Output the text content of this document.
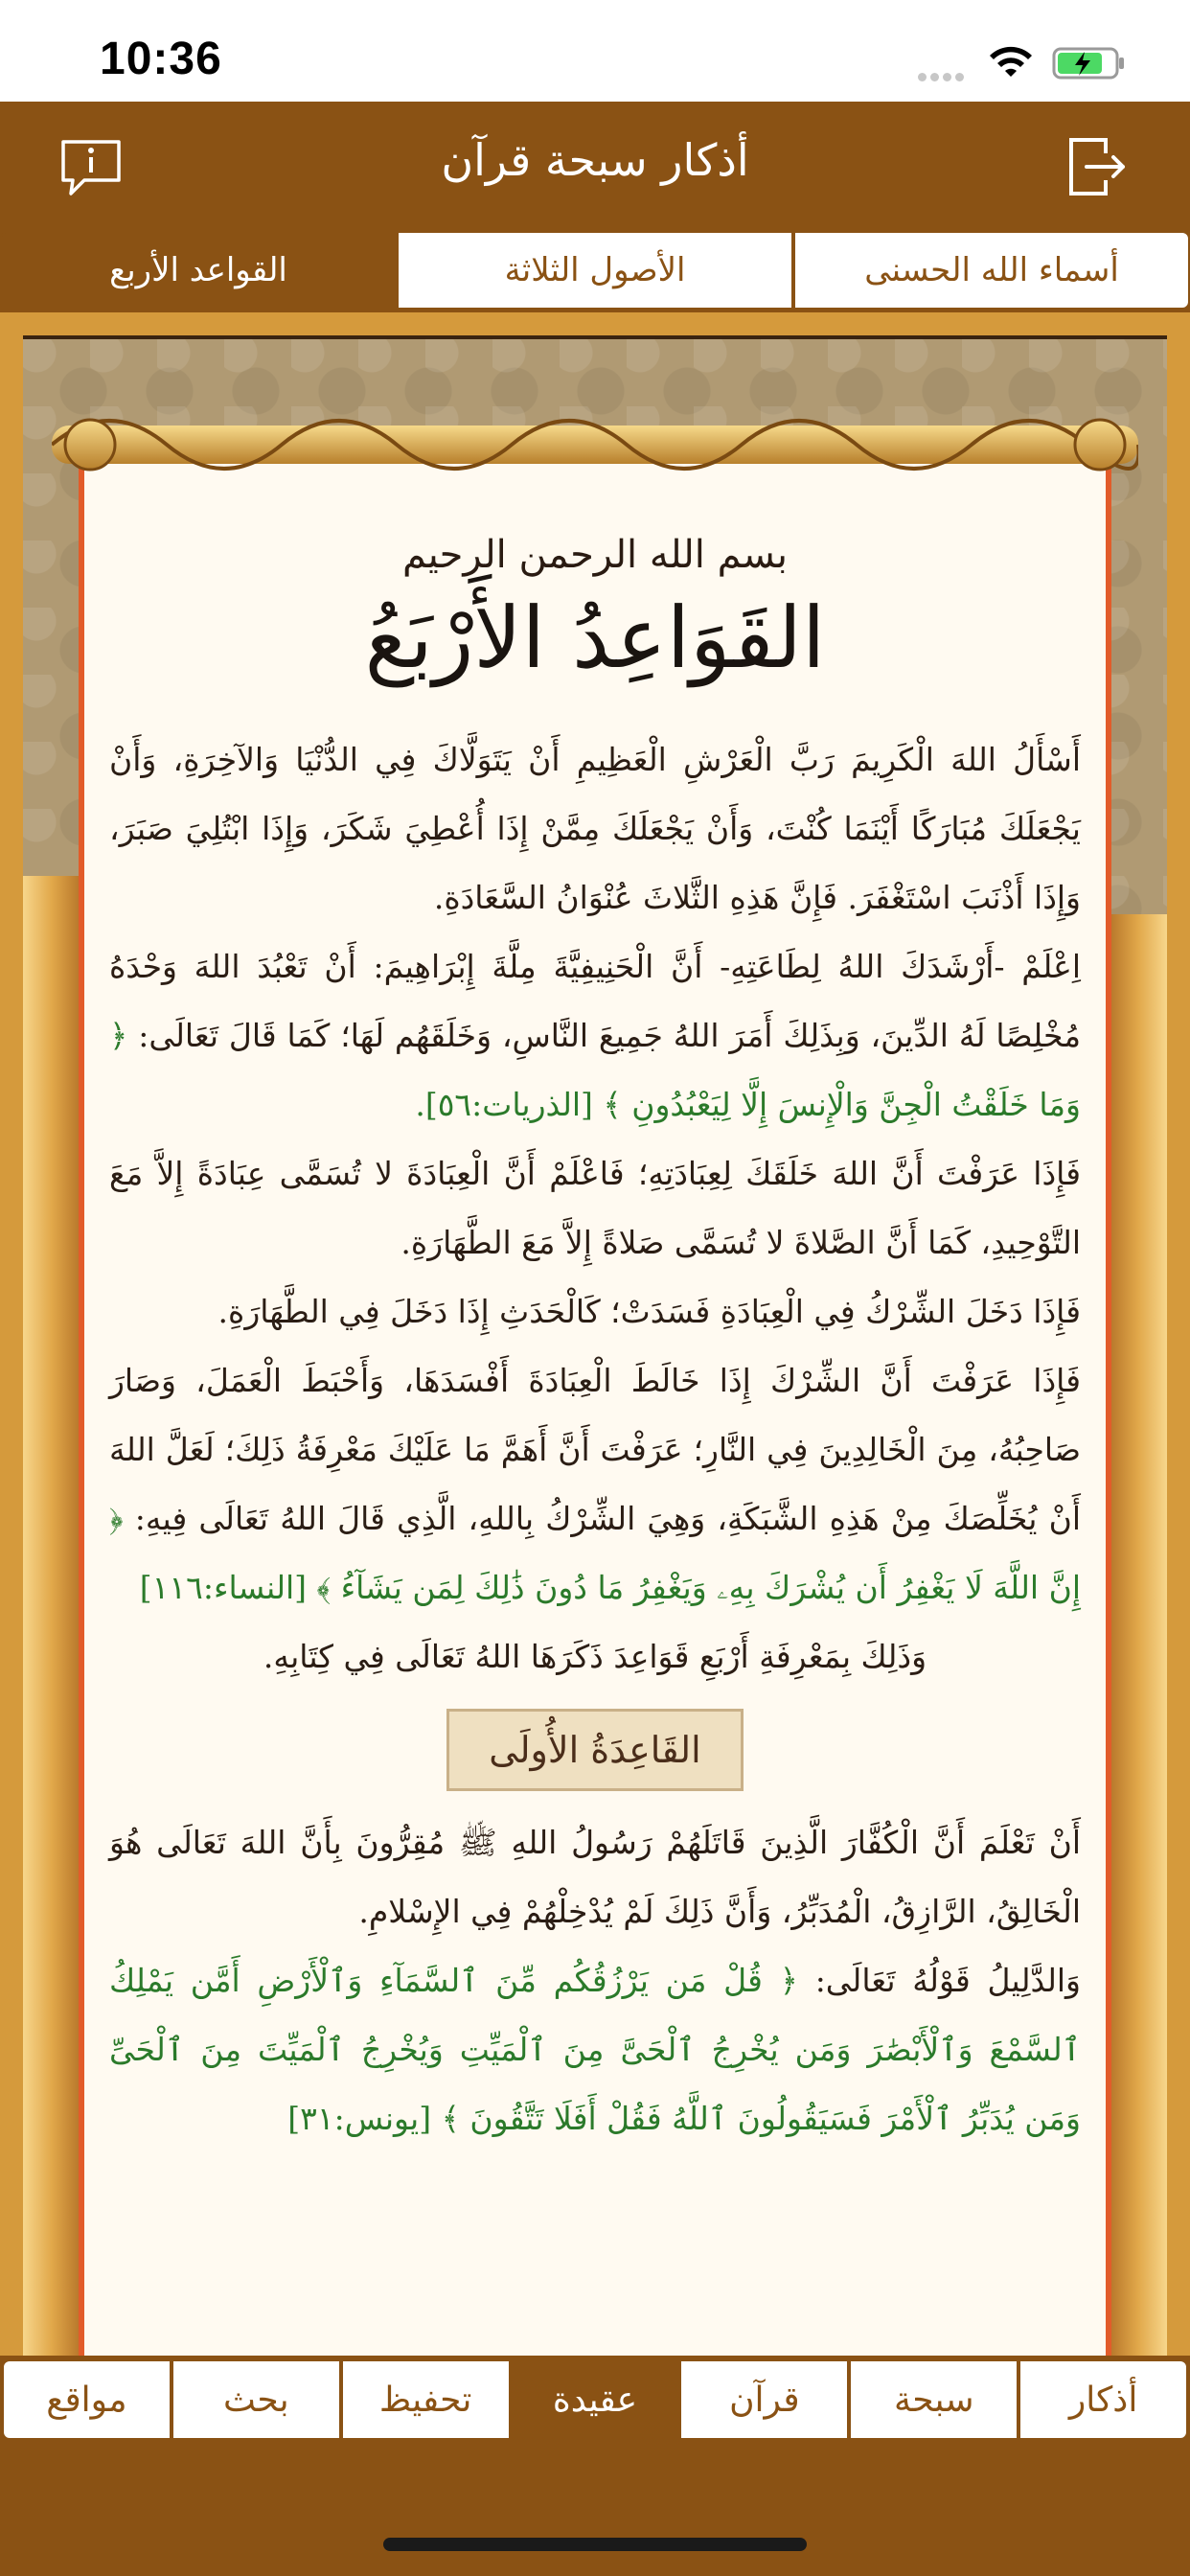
10:36
أذكار سبحة قرآن
القواعد الأربع	الأصول الثلاثة	أسماء الله الحسنى
بسم الله الرحمن الرحيم
القَوَاعِدُ الأَرْبَعُ

أَسْأَلُ اللهَ الْكَرِيمَ رَبَّ الْعَرْشِ الْعَظِيمِ أَنْ يَتَوَلَّاكَ فِي الدُّنْيَا وَالآخِرَةِ، وَأَنْ يَجْعَلَكَ مُبَارَكًا أَيْنَمَا كُنْتَ، وَأَنْ يَجْعَلَكَ مِمَّنْ إِذَا أُعْطِيَ شَكَرَ، وَإِذَا ابْتُلِيَ صَبَرَ، وَإِذَا أَذْنَبَ اسْتَغْفَرَ. فَإِنَّ هَذِهِ الثَّلاثَ عُنْوَانُ السَّعَادَةِ.

اِعْلَمْ -أَرْشَدَكَ اللهُ لِطَاعَتِهِ- أَنَّ الْحَنِيفِيَّةَ مِلَّةَ إِبْرَاهِيمَ: أَنْ تَعْبُدَ اللهَ وَحْدَهُ مُخْلِصًا لَهُ الدِّينَ، وَبِذَلِكَ أَمَرَ اللهُ جَمِيعَ النَّاسِ، وَخَلَقَهُم لَهَا؛ كَمَا قَالَ تَعَالَى: ﴿ وَمَا خَلَقْتُ الْجِنَّ وَالْإِنسَ إِلَّا لِيَعْبُدُونِ ﴾ [الذريات:٥٦].

فَإِذَا عَرَفْتَ أَنَّ اللهَ خَلَقَكَ لِعِبَادَتِهِ؛ فَاعْلَمْ أَنَّ الْعِبَادَةَ لا تُسَمَّى عِبَادَةً إِلاَّ مَعَ التَّوْحِيدِ، كَمَا أَنَّ الصَّلاةَ لا تُسَمَّى صَلاةً إِلاَّ مَعَ الطَّهَارَةِ.

فَإِذَا دَخَلَ الشِّرْكُ فِي الْعِبَادَةِ فَسَدَتْ؛ كَالْحَدَثِ إِذَا دَخَلَ فِي الطَّهَارَةِ.

فَإِذَا عَرَفْتَ أَنَّ الشِّرْكَ إِذَا خَالَطَ الْعِبَادَةَ أَفْسَدَهَا، وَأَحْبَطَ الْعَمَلَ، وَصَارَ صَاحِبُهُ، مِنَ الْخَالِدِينَ فِي النَّارِ؛ عَرَفْتَ أَنَّ أَهَمَّ مَا عَلَيْكَ مَعْرِفَةُ ذَلِكَ؛ لَعَلَّ اللهَ أَنْ يُخَلِّصَكَ مِنْ هَذِهِ الشَّبَكَةِ، وَهِيَ الشِّرْكُ بِاللهِ، الَّذِي قَالَ اللهُ تَعَالَى فِيهِ: ﴿ إِنَّ اللَّهَ لَا يَغْفِرُ أَن يُشْرَكَ بِهِۦ وَيَغْفِرُ مَا دُونَ ذَٰلِكَ لِمَن يَشَآءُ ﴾ [النساء:١١٦]

وَذَلِكَ بِمَعْرِفَةِ أَرْبَعِ قَوَاعِدَ ذَكَرَهَا اللهُ تَعَالَى فِي كِتَابِهِ.

القَاعِدَةُ الأُولَى

أَنْ تَعْلَمَ أَنَّ الْكُفَّارَ الَّذِينَ قَاتَلَهُمْ رَسُولُ اللهِ ﷺ مُقِرُّونَ بِأَنَّ اللهَ تَعَالَى هُوَ الْخَالِقُ، الرَّازِقُ، الْمُدَبِّرُ، وَأَنَّ ذَلِكَ لَمْ يُدْخِلْهُمْ فِي الإِسْلامِ.

وَالدَّلِيلُ قَوْلُهُ تَعَالَى: ﴿ قُلْ مَن يَرْزُقُكُم مِّنَ ٱلسَّمَآءِ وَٱلْأَرْضِ أَمَّن يَمْلِكُ ٱلسَّمْعَ وَٱلْأَبْصَٰرَ وَمَن يُخْرِجُ ٱلْحَىَّ مِنَ ٱلْمَيِّتِ وَيُخْرِجُ ٱلْمَيِّتَ مِنَ ٱلْحَىِّ وَمَن يُدَبِّرُ ٱلْأَمْرَ فَسَيَقُولُونَ ٱللَّهُ فَقُلْ أَفَلَا تَتَّقُونَ ﴾ [يونس:٣١]

مواقع	بحث	تحفيظ	عقيدة	قرآن	سبحة	أذكار
